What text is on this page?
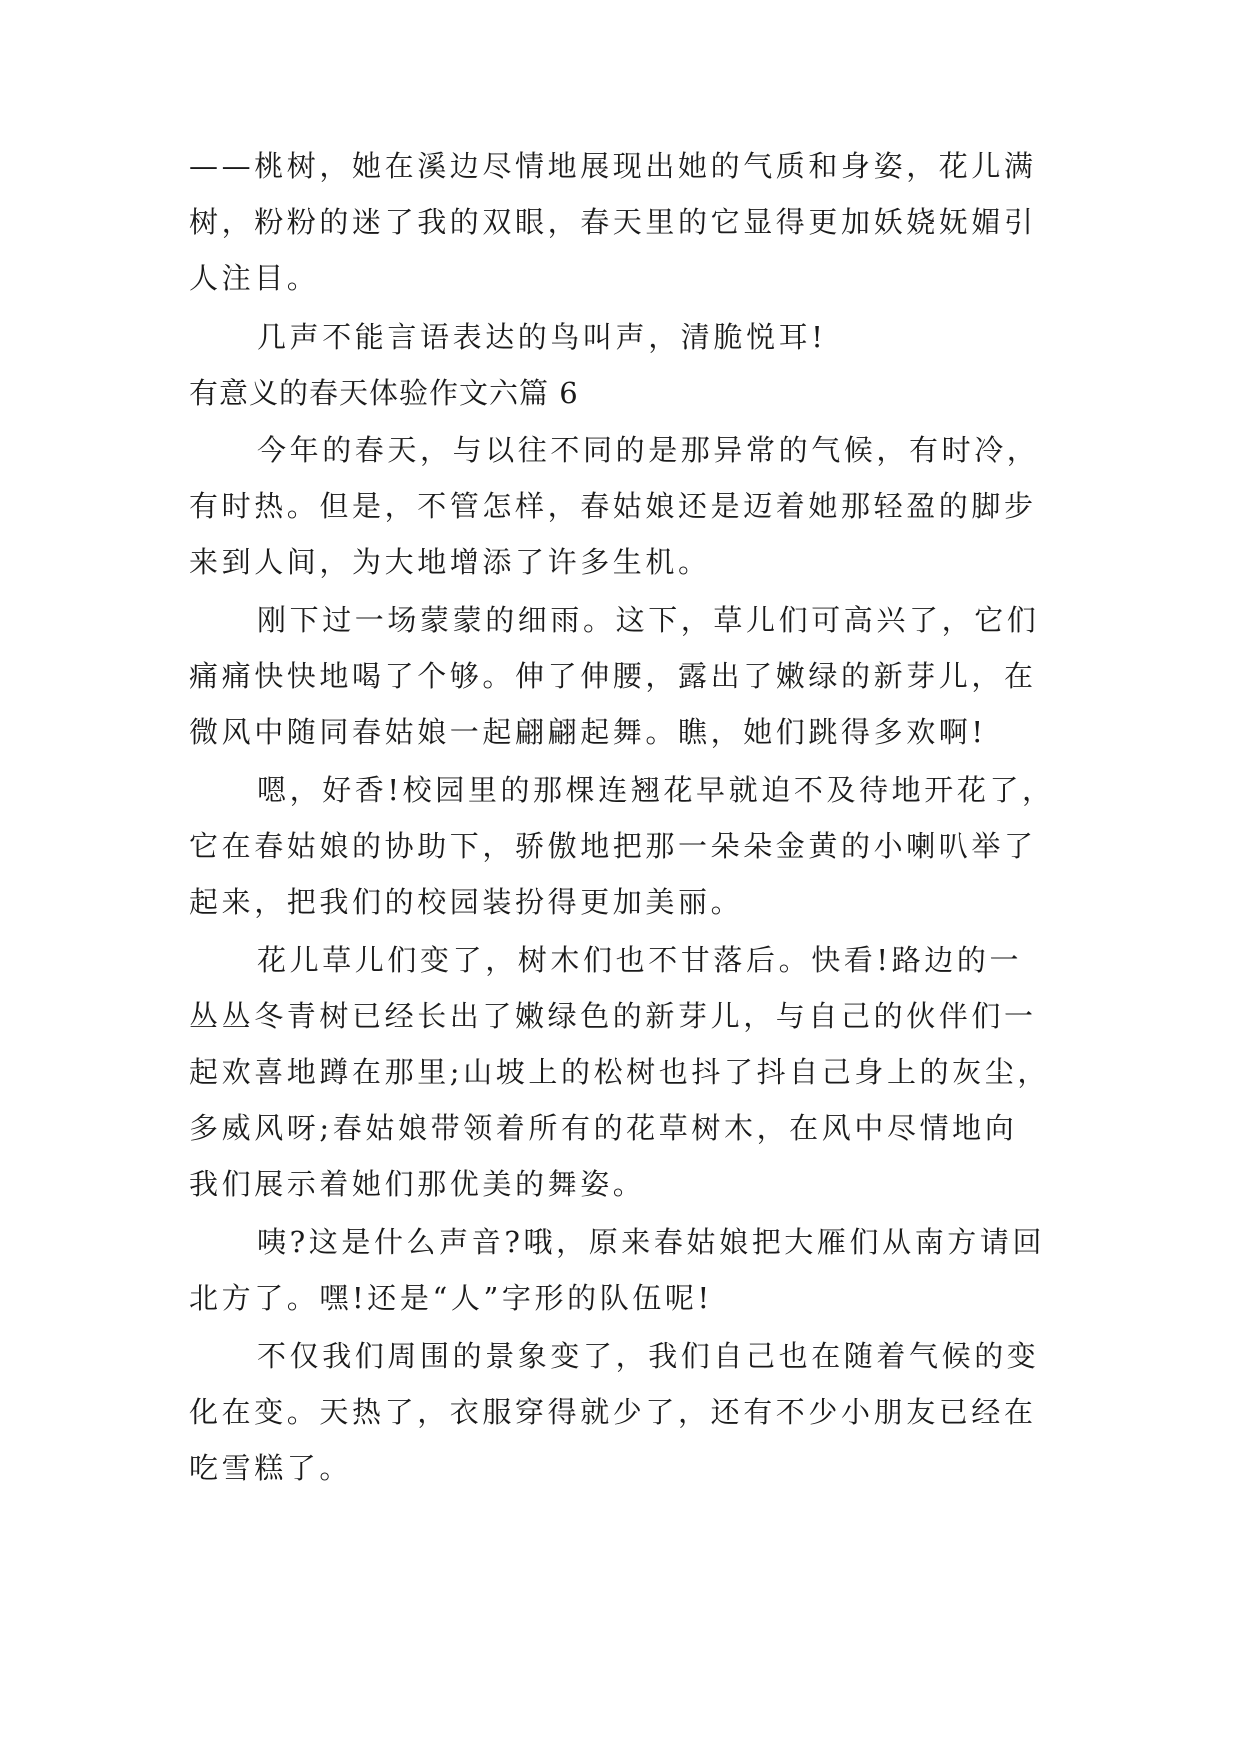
——桃树，她在溪边尽情地展现出她的气质和身姿，花儿满
树，粉粉的迷了我的双眼，春天里的它显得更加妖娆妩媚引
人注目。
几声不能言语表达的鸟叫声，清脆悦耳!
有意义的春天体验作文六篇 6
今年的春天，与以往不同的是那异常的气候，有时冷，
有时热。但是，不管怎样，春姑娘还是迈着她那轻盈的脚步
来到人间，为大地增添了许多生机。
刚下过一场蒙蒙的细雨。这下，草儿们可高兴了，它们
痛痛快快地喝了个够。伸了伸腰，露出了嫩绿的新芽儿，在
微风中随同春姑娘一起翩翩起舞。瞧，她们跳得多欢啊!
嗯，好香!校园里的那棵连翘花早就迫不及待地开花了，
它在春姑娘的协助下，骄傲地把那一朵朵金黄的小喇叭举了
起来，把我们的校园装扮得更加美丽。
花儿草儿们变了，树木们也不甘落后。快看!路边的一
丛丛冬青树已经长出了嫩绿色的新芽儿，与自己的伙伴们一
起欢喜地蹲在那里;山坡上的松树也抖了抖自己身上的灰尘，
多威风呀;春姑娘带领着所有的花草树木，在风中尽情地向
我们展示着她们那优美的舞姿。
咦?这是什么声音?哦，原来春姑娘把大雁们从南方请回
北方了。嘿!还是“人”字形的队伍呢!
不仅我们周围的景象变了，我们自己也在随着气候的变
化在变。天热了，衣服穿得就少了，还有不少小朋友已经在
吃雪糕了。
